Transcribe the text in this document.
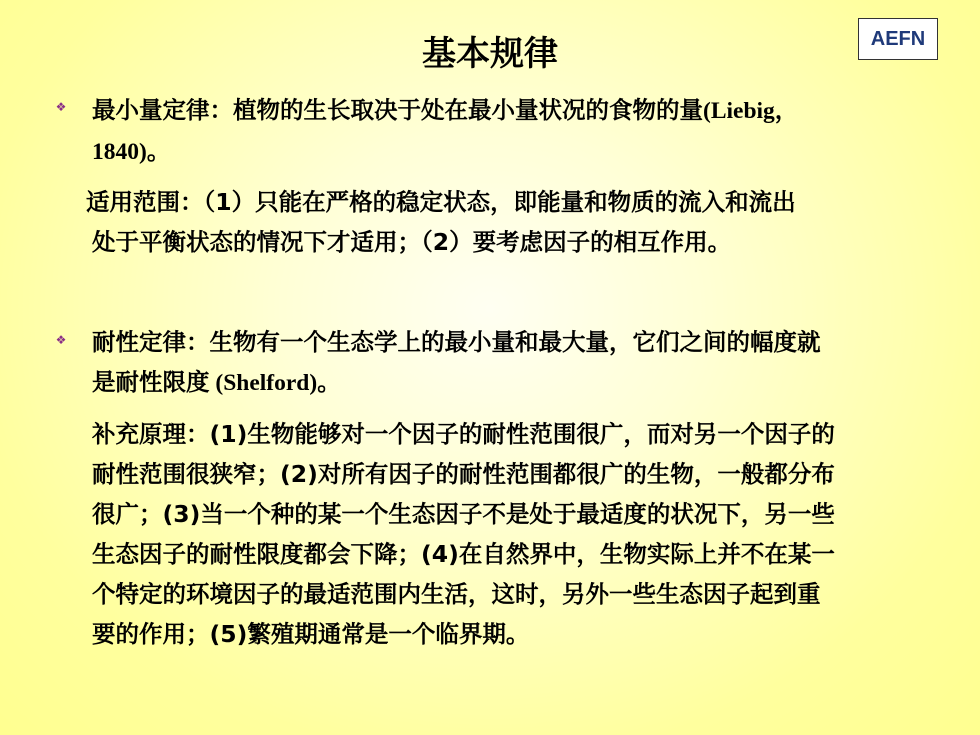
基本规律	AEFN
❖ 最小量定律：植物的生长取决于处在最小量状况的食物的量(Liebig，

1840)。

适用范围：（1）只能在严格的稳定状态，即能量和物质的流入和流出

处于平衡状态的情况下才适用；（2）要考虑因子的相互作用。

❖ 耐性定律：生物有一个生态学上的最小量和最大量，它们之间的幅度就

是耐性限度 (Shelford)。

补充原理：(1)生物能够对一个因子的耐性范围很广，而对另一个因子的

耐性范围很狭窄；(2)对所有因子的耐性范围都很广的生物，一般都分布

很广；(3)当一个种的某一个生态因子不是处于最适度的状况下，另一些

生态因子的耐性限度都会下降；(4)在自然界中，生物实际上并不在某一

个特定的环境因子的最适范围内生活，这时，另外一些生态因子起到重

要的作用；(5)繁殖期通常是一个临界期。
